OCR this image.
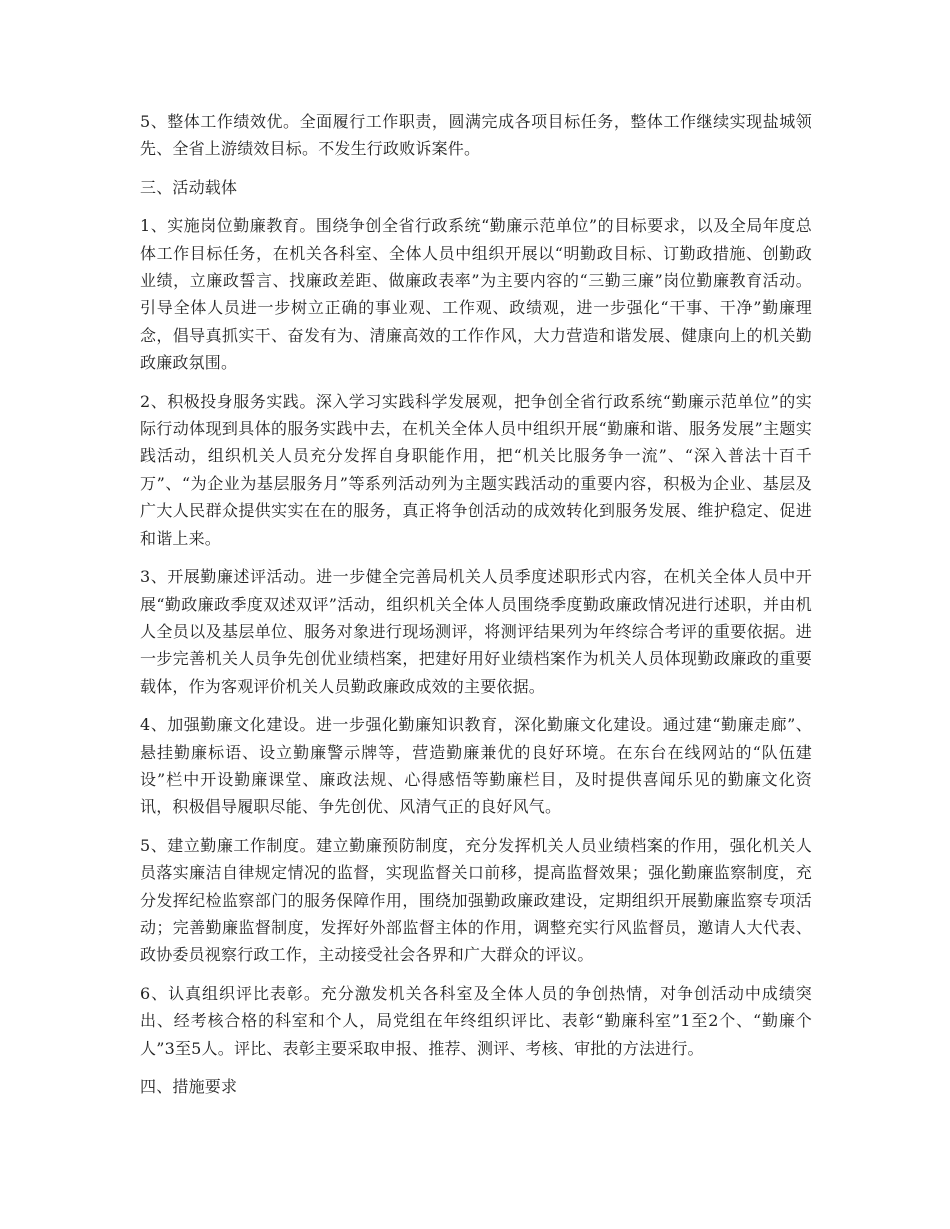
5、整体工作绩效优。全面履行工作职责，圆满完成各项目标任务，整体工作继续实现盐城领先、全省上游绩效目标。不发生行政败诉案件。

三、活动载体

1、实施岗位勤廉教育。围绕争创全省行政系统“勤廉示范单位”的目标要求，以及全局年度总体工作目标任务，在机关各科室、全体人员中组织开展以“明勤政目标、订勤政措施、创勤政业绩，立廉政誓言、找廉政差距、做廉政表率”为主要内容的“三勤三廉”岗位勤廉教育活动。引导全体人员进一步树立正确的事业观、工作观、政绩观，进一步强化“干事、干净”勤廉理念，倡导真抓实干、奋发有为、清廉高效的工作作风，大力营造和谐发展、健康向上的机关勤政廉政氛围。

2、积极投身服务实践。深入学习实践科学发展观，把争创全省行政系统“勤廉示范单位”的实际行动体现到具体的服务实践中去，在机关全体人员中组织开展“勤廉和谐、服务发展”主题实践活动，组织机关人员充分发挥自身职能作用，把“机关比服务争一流”、“深入普法十百千万”、“为企业为基层服务月”等系列活动列为主题实践活动的重要内容，积极为企业、基层及广大人民群众提供实实在在的服务，真正将争创活动的成效转化到服务发展、维护稳定、促进和谐上来。

3、开展勤廉述评活动。进一步健全完善局机关人员季度述职形式内容，在机关全体人员中开展“勤政廉政季度双述双评”活动，组织机关全体人员围绕季度勤政廉政情况进行述职，并由机人全员以及基层单位、服务对象进行现场测评，将测评结果列为年终综合考评的重要依据。进一步完善机关人员争先创优业绩档案，把建好用好业绩档案作为机关人员体现勤政廉政的重要载体，作为客观评价机关人员勤政廉政成效的主要依据。

4、加强勤廉文化建设。进一步强化勤廉知识教育，深化勤廉文化建设。通过建“勤廉走廊”、悬挂勤廉标语、设立勤廉警示牌等，营造勤廉兼优的良好环境。在东台在线网站的“队伍建设”栏中开设勤廉课堂、廉政法规、心得感悟等勤廉栏目，及时提供喜闻乐见的勤廉文化资讯，积极倡导履职尽能、争先创优、风清气正的良好风气。

5、建立勤廉工作制度。建立勤廉预防制度，充分发挥机关人员业绩档案的作用，强化机关人员落实廉洁自律规定情况的监督，实现监督关口前移，提高监督效果；强化勤廉监察制度，充分发挥纪检监察部门的服务保障作用，围绕加强勤政廉政建设，定期组织开展勤廉监察专项活动；完善勤廉监督制度，发挥好外部监督主体的作用，调整充实行风监督员，邀请人大代表、政协委员视察行政工作，主动接受社会各界和广大群众的评议。

6、认真组织评比表彰。充分激发机关各科室及全体人员的争创热情，对争创活动中成绩突出、经考核合格的科室和个人，局党组在年终组织评比、表彰“勤廉科室”1至2个、“勤廉个人”3至5人。评比、表彰主要采取申报、推荐、测评、考核、审批的方法进行。

四、措施要求
